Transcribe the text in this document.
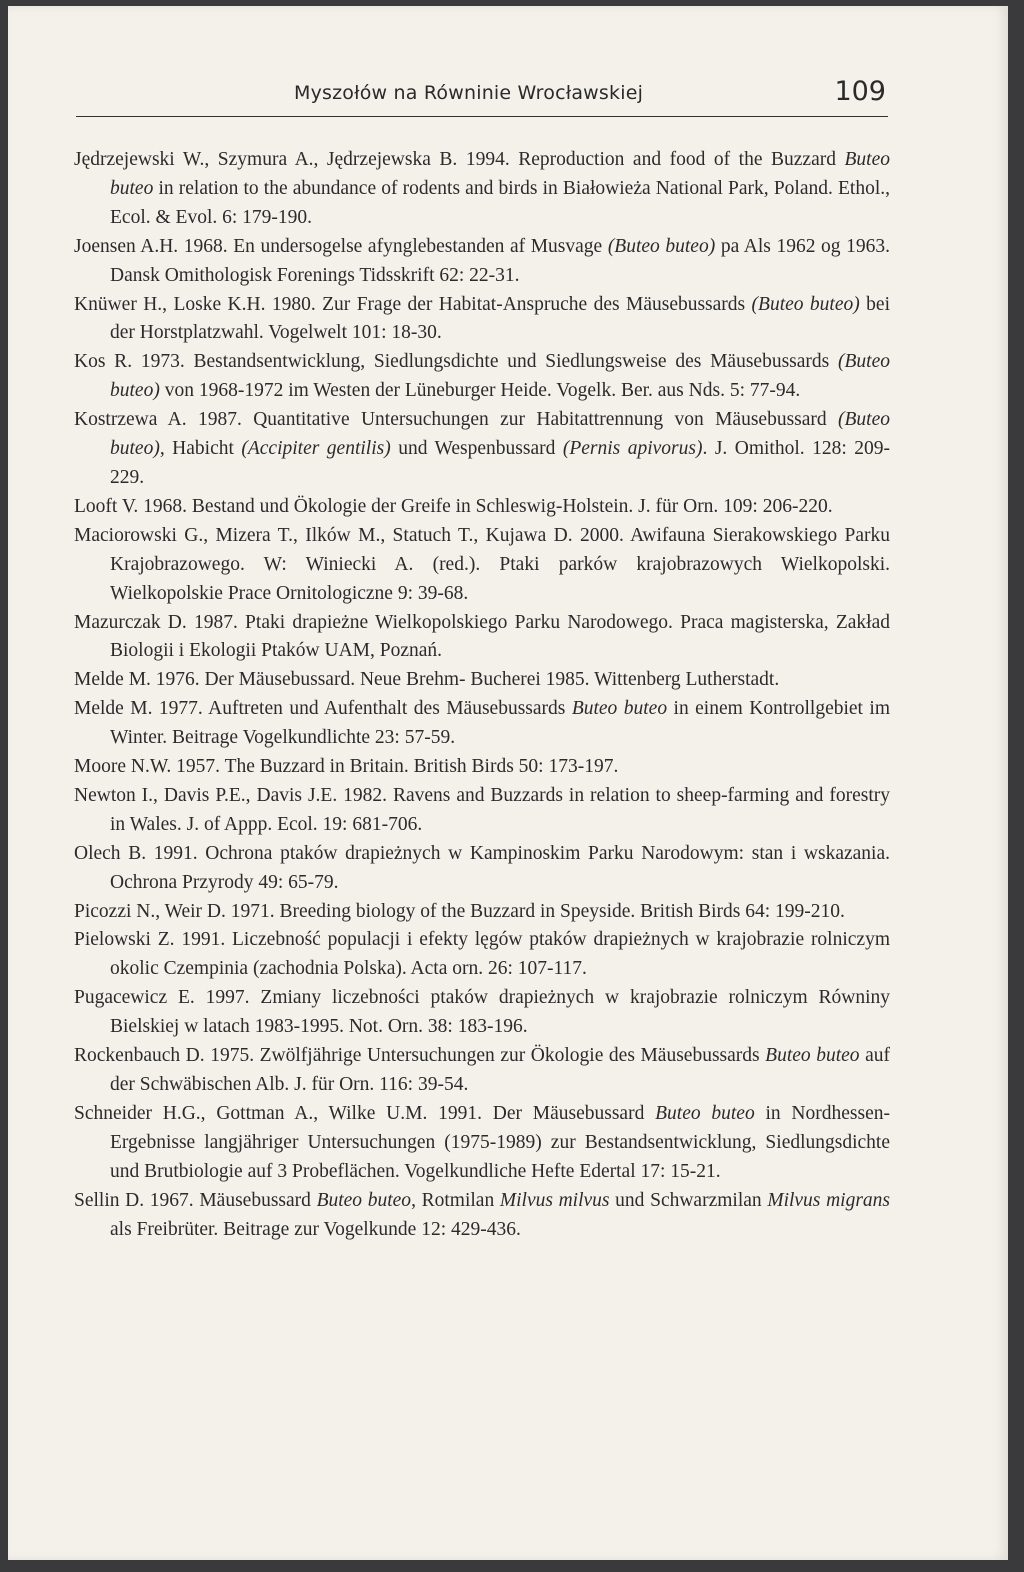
Myszołów na Równinie Wrocławskiej	109

Jędrzejewski W., Szymura A., Jędrzejewska B. 1994. Reproduction and food of the Buzzard Buteo buteo in relation to the abundance of rodents and birds in Białowieża National Park, Poland. Ethol., Ecol. & Evol. 6: 179-190.

Joensen A.H. 1968. En undersogelse afynglebestanden af Musvage (Buteo buteo) pa Als 1962 og 1963. Dansk Omithologisk Forenings Tidsskrift 62: 22-31.

Knüwer H., Loske K.H. 1980. Zur Frage der Habitat-Anspruche des Mäusebussards (Buteo buteo) bei der Horstplatzwahl. Vogelwelt 101: 18-30.

Kos R. 1973. Bestandsentwicklung, Siedlungsdichte und Siedlungsweise des Mäusebussards (Buteo buteo) von 1968-1972 im Westen der Lüneburger Heide. Vogelk. Ber. aus Nds. 5: 77-94.

Kostrzewa A. 1987. Quantitative Untersuchungen zur Habitattrennung von Mäusebussard (Buteo buteo), Habicht (Accipiter gentilis) und Wespenbussard (Pernis apivorus). J. Omithol. 128: 209-229.

Looft V. 1968. Bestand und Ökologie der Greife in Schleswig-Holstein. J. für Orn. 109: 206-220.

Maciorowski G., Mizera T., Ilków M., Statuch T., Kujawa D. 2000. Awifauna Sierakowskiego Parku Krajobrazowego. W: Winiecki A. (red.). Ptaki parków krajobrazowych Wielkopolski. Wielkopolskie Prace Ornitologiczne 9: 39-68.

Mazurczak D. 1987. Ptaki drapieżne Wielkopolskiego Parku Narodowego. Praca magisterska, Zakład Biologii i Ekologii Ptaków UAM, Poznań.

Melde M. 1976. Der Mäusebussard. Neue Brehm- Bucherei 1985. Wittenberg Lutherstadt.

Melde M. 1977. Auftreten und Aufenthalt des Mäusebussards Buteo buteo in einem Kontrollgebiet im Winter. Beitrage Vogelkundlichte 23: 57-59.

Moore N.W. 1957. The Buzzard in Britain. British Birds 50: 173-197.

Newton I., Davis P.E., Davis J.E. 1982. Ravens and Buzzards in relation to sheep-farming and forestry in Wales. J. of Appp. Ecol. 19: 681-706.

Olech B. 1991. Ochrona ptaków drapieżnych w Kampinoskim Parku Narodowym: stan i wskazania. Ochrona Przyrody 49: 65-79.

Picozzi N., Weir D. 1971. Breeding biology of the Buzzard in Speyside. British Birds 64: 199-210.

Pielowski Z. 1991. Liczebność populacji i efekty lęgów ptaków drapieżnych w krajobrazie rolniczym okolic Czempinia (zachodnia Polska). Acta orn. 26: 107-117.

Pugacewicz E. 1997. Zmiany liczebności ptaków drapieżnych w krajobrazie rolniczym Równiny Bielskiej w latach 1983-1995. Not. Orn. 38: 183-196.

Rockenbauch D. 1975. Zwölfjährige Untersuchungen zur Ökologie des Mäusebussards Buteo buteo auf der Schwäbischen Alb. J. für Orn. 116: 39-54.

Schneider H.G., Gottman A., Wilke U.M. 1991. Der Mäusebussard Buteo buteo in Nordhessen-Ergebnisse langjähriger Untersuchungen (1975-1989) zur Bestandsentwicklung, Siedlungsdichte und Brutbiologie auf 3 Probeflächen. Vogelkundliche Hefte Edertal 17: 15-21.

Sellin D. 1967. Mäusebussard Buteo buteo, Rotmilan Milvus milvus und Schwarzmilan Milvus migrans als Freibrüter. Beitrage zur Vogelkunde 12: 429-436.
